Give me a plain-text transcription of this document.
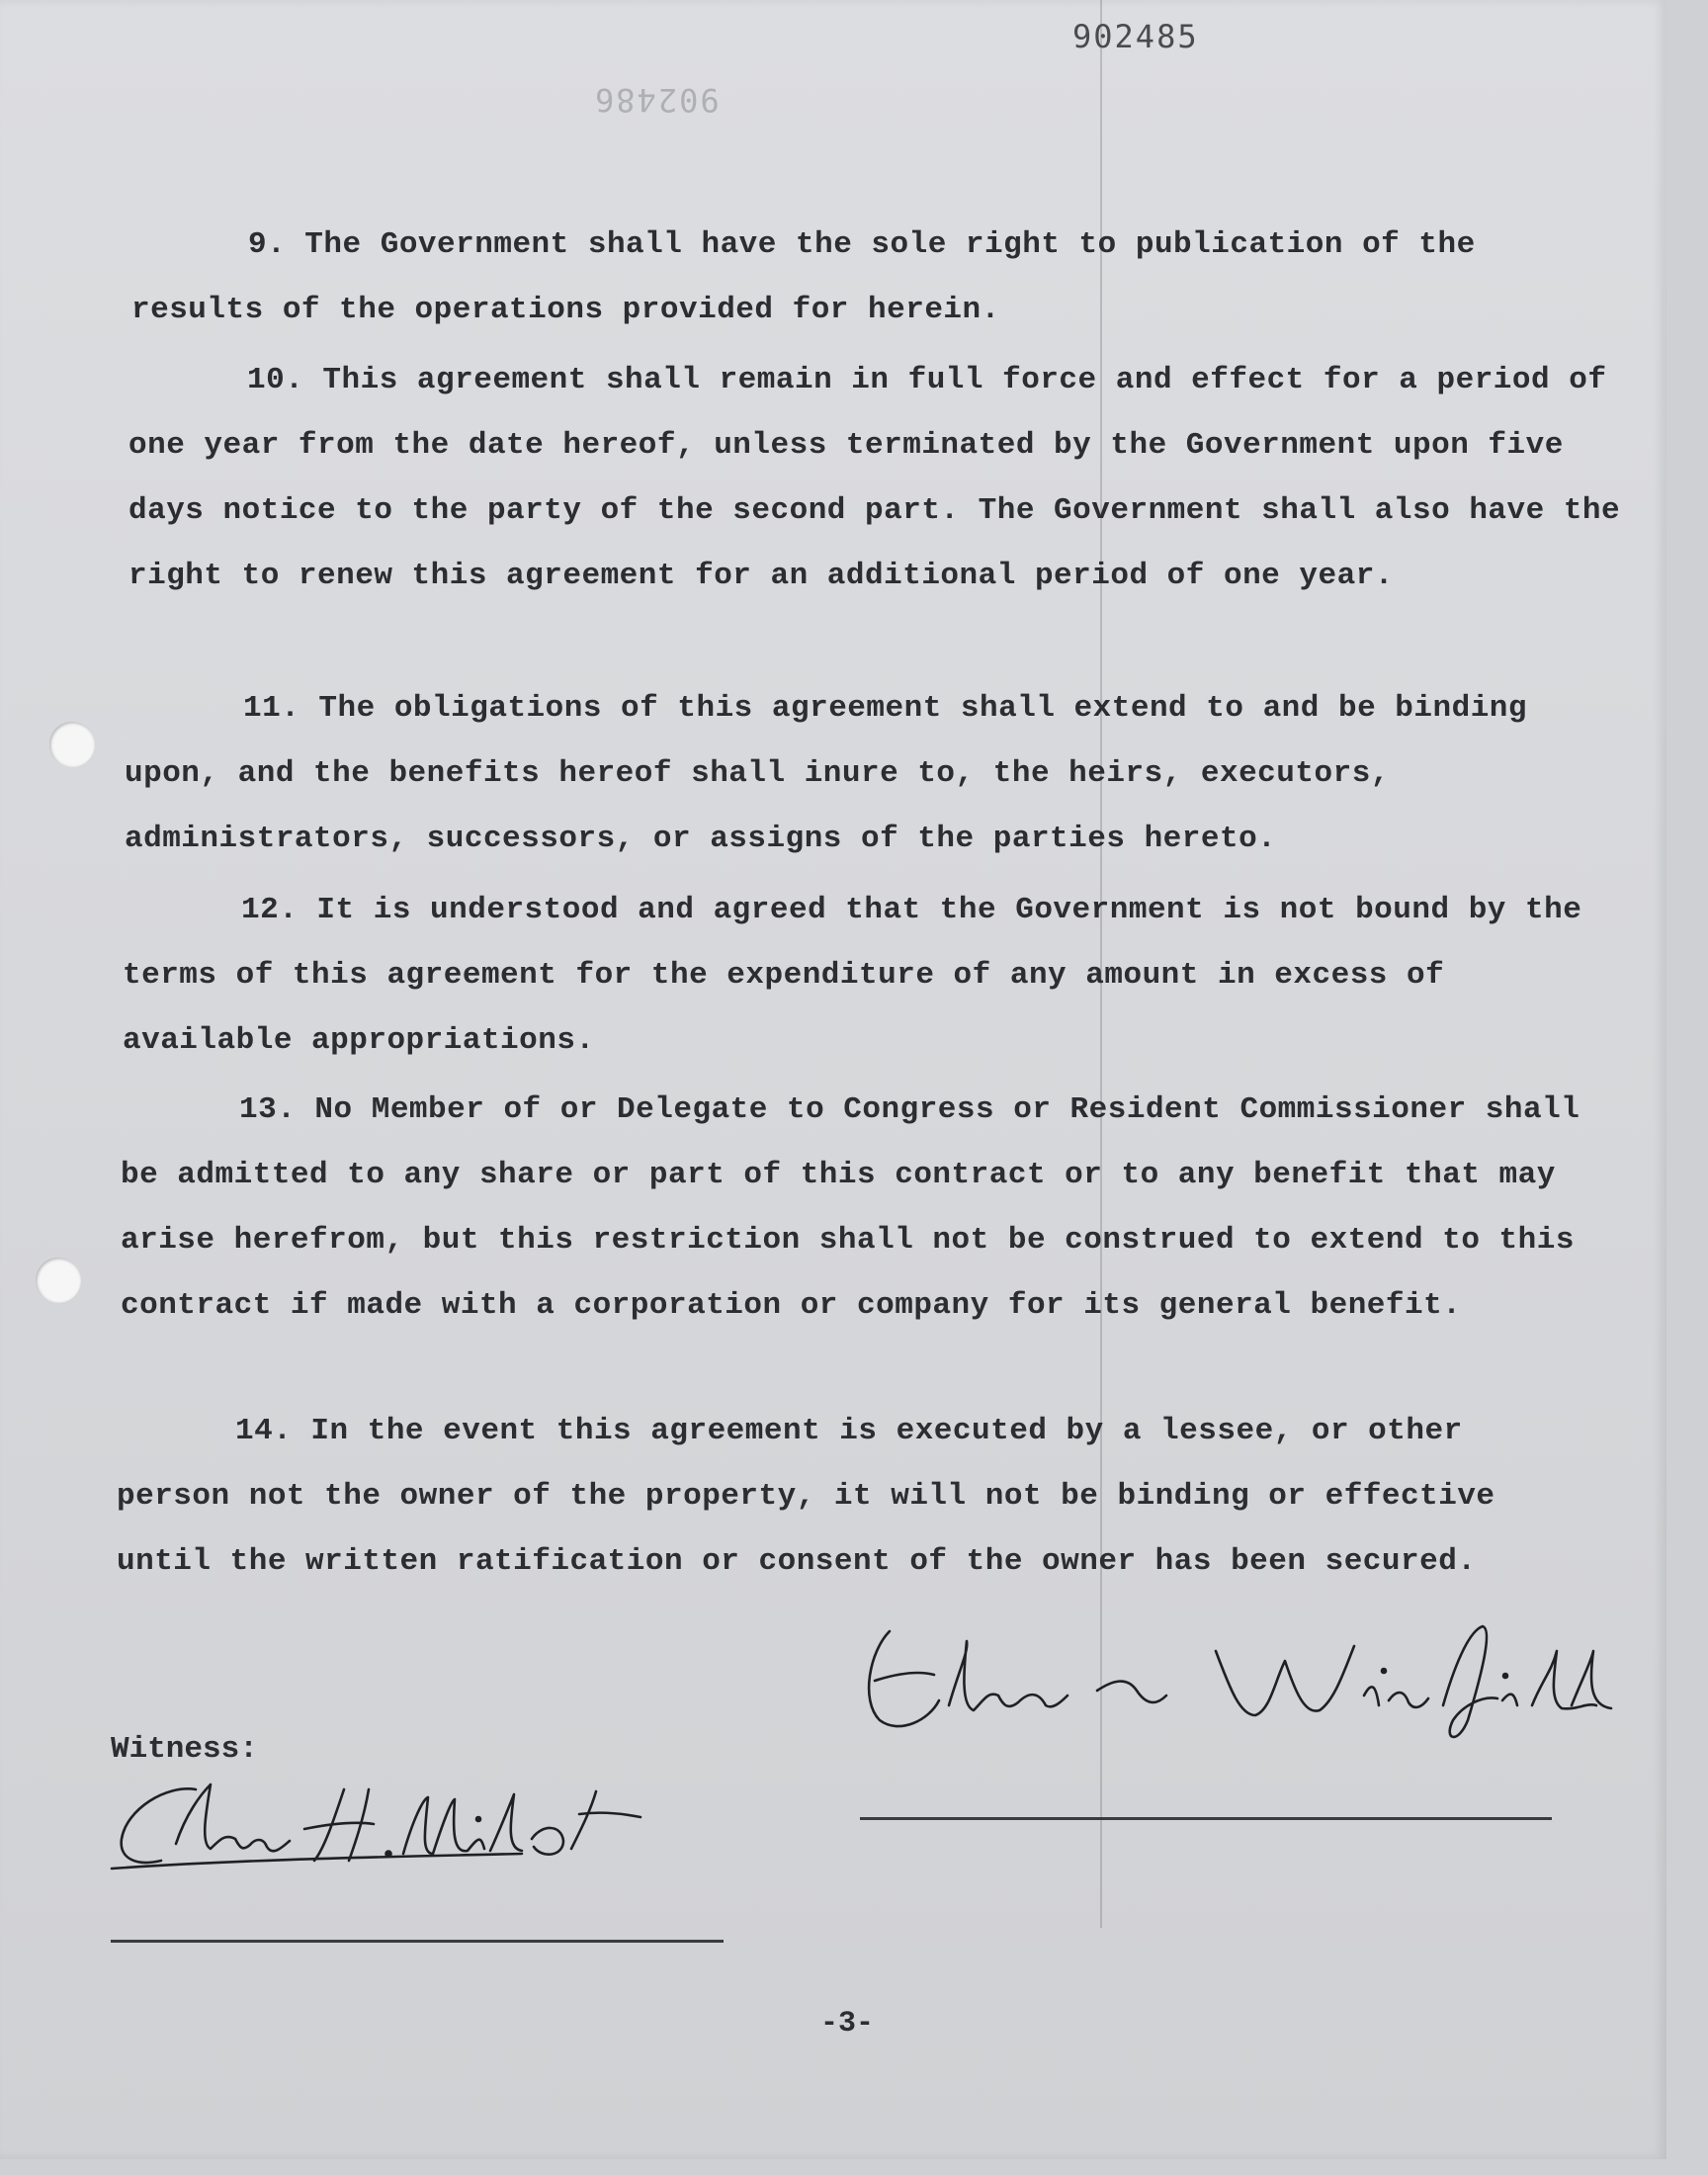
902486
902485

9. The Government shall have the sole right to publication of the results of the operations provided for herein.

10. This agreement shall remain in full force and effect for a period of one year from the date hereof, unless terminated by the Government upon five days notice to the party of the second part. The Government shall also have the right to renew this agreement for an additional period of one year.

11. The obligations of this agreement shall extend to and be binding upon, and the benefits hereof shall inure to, the heirs, executors, administrators, successors, or assigns of the parties hereto.

12. It is understood and agreed that the Government is not bound by the terms of this agreement for the expenditure of any amount in excess of available appropriations.

13. No Member of or Delegate to Congress or Resident Commissioner shall be admitted to any share or part of this contract or to any benefit that may arise herefrom, but this restriction shall not be construed to extend to this contract if made with a corporation or company for its general benefit.

14. In the event this agreement is executed by a lessee, or other person not the owner of the property, it will not be binding or effective until the written ratification or consent of the owner has been secured.

Witness:
-3-
